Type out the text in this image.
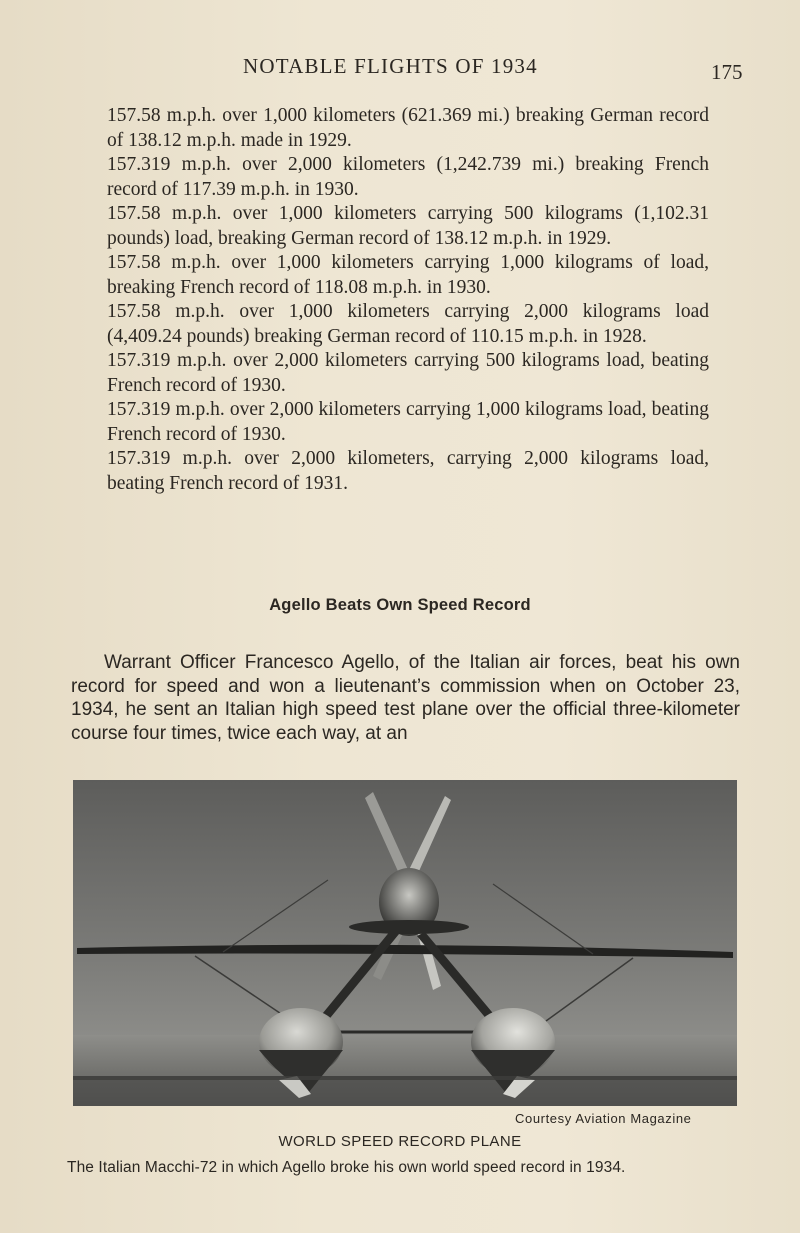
NOTABLE FLIGHTS OF 1934	175
157.58 m.p.h. over 1,000 kilometers (621.369 mi.) breaking German record of 138.12 m.p.h. made in 1929.
157.319 m.p.h. over 2,000 kilometers (1,242.739 mi.) breaking French record of 117.39 m.p.h. in 1930.
157.58 m.p.h. over 1,000 kilometers carrying 500 kilograms (1,102.31 pounds) load, breaking German record of 138.12 m.p.h. in 1929.
157.58 m.p.h. over 1,000 kilometers carrying 1,000 kilograms of load, breaking French record of 118.08 m.p.h. in 1930.
157.58 m.p.h. over 1,000 kilometers carrying 2,000 kilograms load (4,409.24 pounds) breaking German record of 110.15 m.p.h. in 1928.
157.319 m.p.h. over 2,000 kilometers carrying 500 kilograms load, beating French record of 1930.
157.319 m.p.h. over 2,000 kilometers carrying 1,000 kilograms load, beating French record of 1930.
157.319 m.p.h. over 2,000 kilometers, carrying 2,000 kilograms load, beating French record of 1931.
Agello Beats Own Speed Record

Warrant Officer Francesco Agello, of the Italian air forces, beat his own record for speed and won a lieutenant’s commission when on October 23, 1934, he sent an Italian high speed test plane over the official three-kilometer course four times, twice each way, at an

Courtesy Aviation Magazine
WORLD SPEED RECORD PLANE
The Italian Macchi-72 in which Agello broke his own world speed record in 1934.
